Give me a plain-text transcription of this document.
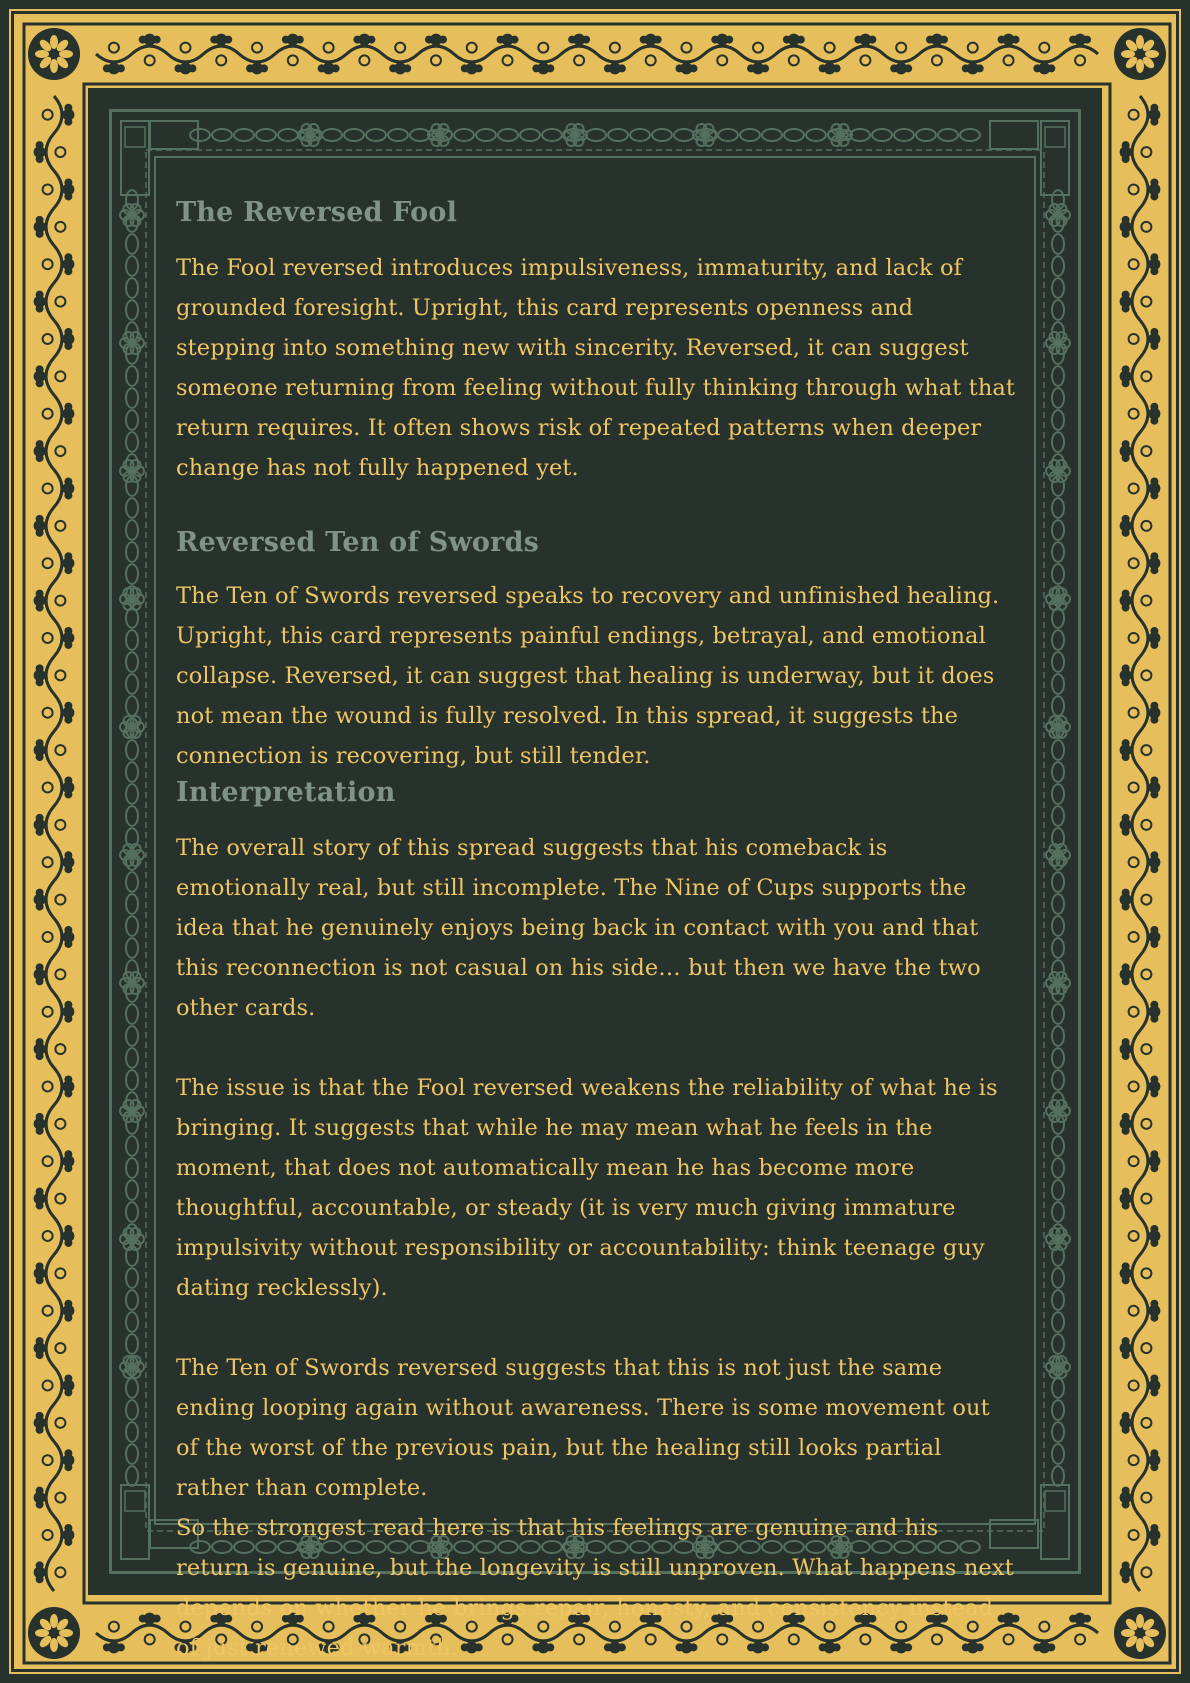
The Reversed Fool

The Fool reversed introduces impulsiveness, immaturity, and lack of grounded foresight. Upright, this card represents openness and stepping into something new with sincerity. Reversed, it can suggest someone returning from feeling without fully thinking through what that return requires. It often shows risk of repeated patterns when deeper change has not fully happened yet.

Reversed Ten of Swords

The Ten of Swords reversed speaks to recovery and unfinished healing. Upright, this card represents painful endings, betrayal, and emotional collapse. Reversed, it can suggest that healing is underway, but it does not mean the wound is fully resolved. In this spread, it suggests the connection is recovering, but still tender.

Interpretation

The overall story of this spread suggests that his comeback is emotionally real, but still incomplete. The Nine of Cups supports the idea that he genuinely enjoys being back in contact with you and that this reconnection is not casual on his side… but then we have the two other cards.

The issue is that the Fool reversed weakens the reliability of what he is bringing. It suggests that while he may mean what he feels in the moment, that does not automatically mean he has become more thoughtful, accountable, or steady (it is very much giving immature impulsivity without responsibility or accountability: think teenage guy dating recklessly).

The Ten of Swords reversed suggests that this is not just the same ending looping again without awareness. There is some movement out of the worst of the previous pain, but the healing still looks partial rather than complete.

So the strongest read here is that his feelings are genuine and his return is genuine, but the longevity is still unproven. What happens next depends on whether he brings repair, honesty, and consistency instead of just renewed warmth.
